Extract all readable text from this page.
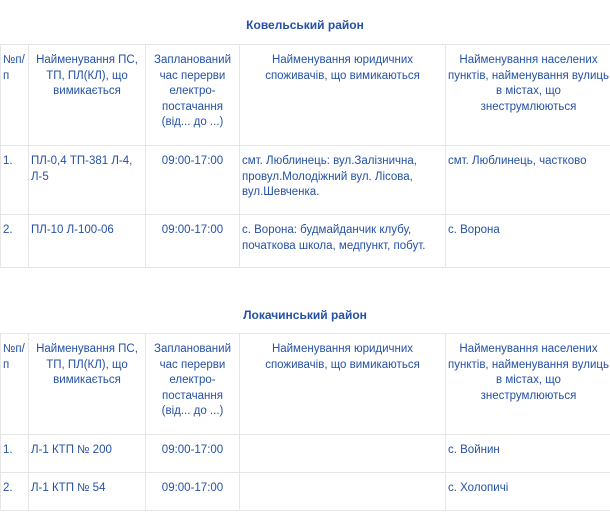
Ковельський район
№п/п	Найменування ПС, ТП, ПЛ(КЛ), що вимикається	Запланований час перерви електро-постачання (від... до ...)	Найменування юридичних споживачів, що вимикаються	Найменування населених пунктів, найменування вулиць в містах, що знеструмлюються
1.	ПЛ-0,4 ТП-381 Л-4, Л-5	09:00-17:00	смт. Люблинець: вул.Залізнична, провул.Молодіжний вул. Лісова, вул.Шевченка.	смт. Люблинець, частково
2.	ПЛ-10 Л-100-06	09:00-17:00	с. Ворона: будмайданчик клубу, початкова школа, медпункт, побут.	с. Ворона
Локачинський район
№п/п	Найменування ПС, ТП, ПЛ(КЛ), що вимикається	Запланований час перерви електро-постачання (від... до ...)	Найменування юридичних споживачів, що вимикаються	Найменування населених пунктів, найменування вулиць в містах, що знеструмлюються
1.	Л-1 КТП № 200	09:00-17:00		с. Войнин
2.	Л-1 КТП № 54	09:00-17:00		с. Холопичі
